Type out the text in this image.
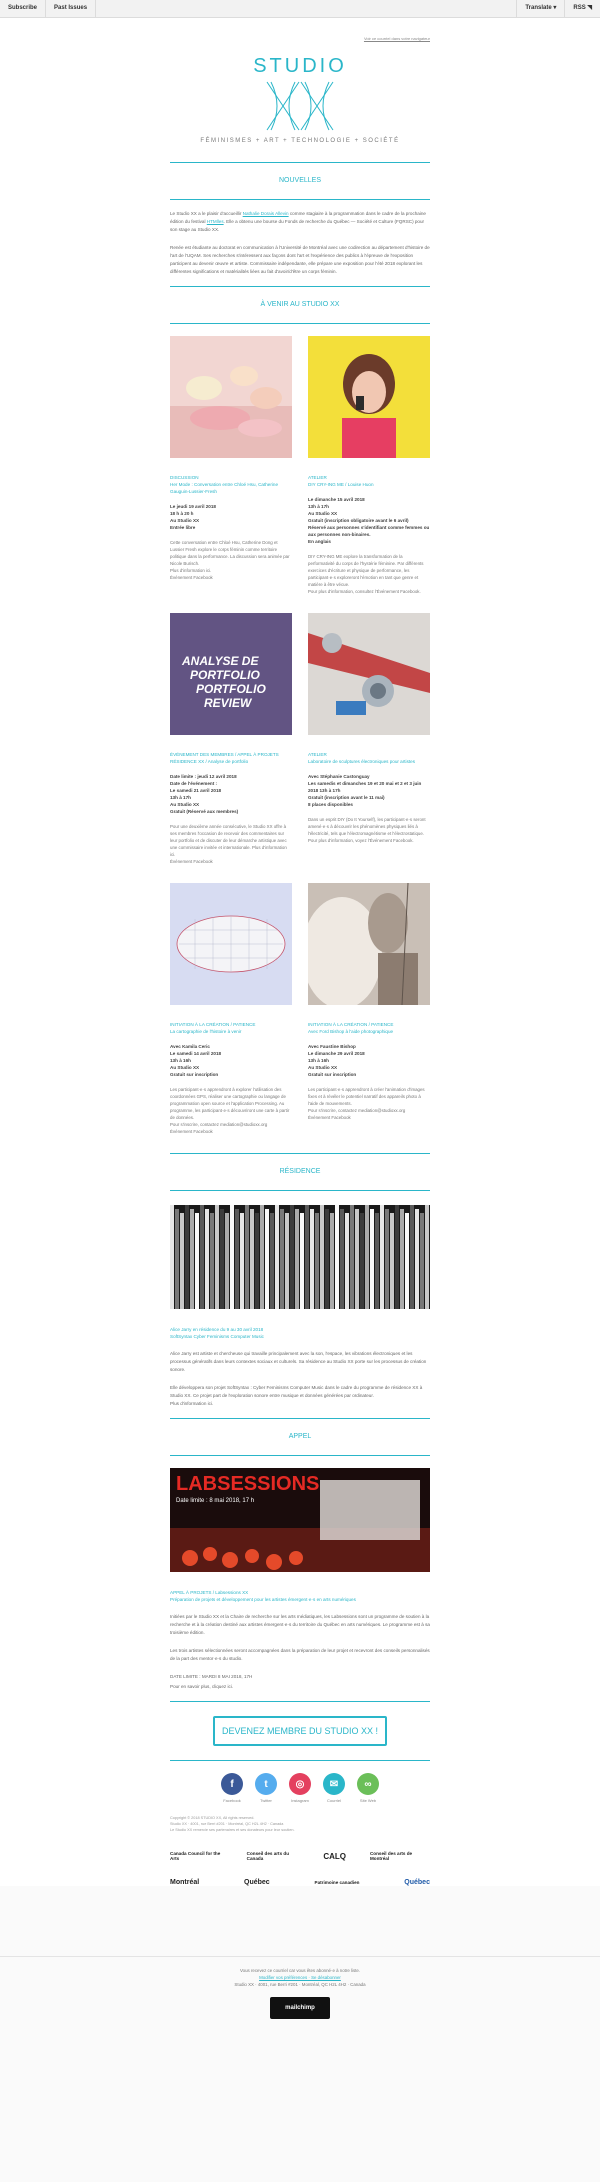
Subscribe	Past Issues	Translate ▾	RSS ◥
Voir ce courriel dans votre navigateur
STUDIO
FÉMINISMES + ART + TECHNOLOGIE + SOCIÉTÉ
NOUVELLES
Le Studio XX a le plaisir d'accueillir Nathalie Dorais Allevin comme stagiaire à la programmation dans le cadre de la prochaine édition du festival HTMlles. Elle a obtenu une bourse du Fonds de recherche du Québec — Société et Culture (FQRSC) pour son stage au Studio XX.
Renée est étudiante au doctorat en communication à l'Université de Montréal avec une codirection au département d'histoire de l'art de l'UQAM. Ses recherches s'intéressent aux façons dont l'art et l'expérience des publics à l'épreuve de l'exposition participent au devenir œuvre et artiste. Commissaire indépendante, elle prépare une exposition pour l'été 2018 explorant les différentes significations et matérialités liées au fait d'avoir/d'être un corps féminin.
À VENIR AU STUDIO XX
DISCUSSION
Her Mode : Conversation entre Chloé Hsu, Catherine Gauguin-Lussier-Fresh
Le jeudi 19 avril 2018
18 h à 20 h
Au Studio XX
Entrée libre
Cette conversation entre Chloé Hsu, Catherine Dong et Lussier Fresh explore le corps féminin comme territoire politique dans la performance. La discussion sera animée par Nicole Burisch.
Plus d'information ici.
Événement Facebook
ATELIER
DIY CRY-ING ME / Louise Huon
Le dimanche 15 avril 2018
13h à 17h
Au Studio XX
Gratuit (inscription obligatoire avant le 6 avril)
Réservé aux personnes s'identifiant comme femmes ou aux personnes non-binaires.
En anglais
DIY CRY-ING ME explore la transformation de la performativité du corps de l'hystérie féminine. Par différents exercices d'écriture et physique de performance, les participant·e·s exploreront l'émotion en tant que genre et matière à être vécue.
Pour plus d'information, consultez l'Événement Facebook.
ANALYSE DE
PORTFOLIO
PORTFOLIO
REVIEW
ÉVÉNEMENT DES MEMBRES / APPEL À PROJETS
RÉSIDENCE XX / Analyse de portfolio
Date limite : jeudi 12 avril 2018
Date de l'événement :
Le samedi 21 avril 2018
13h à 17h
Au Studio XX
Gratuit (Réservé aux membres)
Pour une deuxième année consécutive, le Studio XX offre à ses membres l'occasion de recevoir des commentaires sur leur portfolio et de discuter de leur démarche artistique avec une commissaire invitée et internationale. Plus d'information ici.
Événement Facebook
ATELIER
Laboratoire de sculptures électroniques pour artistes
Avec Stéphanie Castonguay
Les samedis et dimanches 19 et 20 mai et 2 et 3 juin 2018 13h à 17h
Gratuit (inscription avant le 11 mai)
8 places disponibles
Dans un esprit DIY (Do It Yourself), les participant·e·s seront amené·e·s à découvrir les phénomènes physiques liés à l'électricité, tels que l'électromagnétisme et l'électrostatique.
Pour plus d'information, voyez l'Événement Facebook.
INITIATION À LA CRÉATION / PATIENCE
La cartographie de l'histoire à venir
Avec Kamila Ceric
Le samedi 14 avril 2018
13h à 16h
Au Studio XX
Gratuit sur inscription
Les participant·e·s apprendront à explorer l'utilisation des coordonnées GPS, réaliser une cartographie ou langage de programmation open source et l'application Processing. Au programme, les participant·e·s découvriront une carte à partir de données.
Pour s'inscrire, contactez mediation@studioxx.org
Événement Facebook
INITIATION À LA CRÉATION / PATIENCE
Avec Ford Bishop à l'aide photographique
Avec Faustine Bishop
Le dimanche 29 avril 2018
13h à 16h
Au Studio XX
Gratuit sur inscription
Les participant·e·s apprendront à créer l'animation d'images fixes et à révéler le potentiel narratif des appareils photo à l'aide de mouvements.
Pour s'inscrire, contactez mediation@studioxx.org
Événement Facebook
RÉSIDENCE
Alice Jarry en résidence du 9 au 30 avril 2018
SoftSyntax Cyber Feminisms Computer Music
Alice Jarry est artiste et chercheuse qui travaille principalement avec la son, l'espace, les vibrations électroniques et les processus génératifs dans leurs contextes sociaux et culturels. Sa résidence au Studio XX porte sur les processus de création sonore.
Elle développera son projet SoftSyntax : Cyber Feminisms Computer Music dans le cadre du programme de résidence XX à Studio XX. Ce projet part de l'exploration sonore entre musique et données générées par ordinateur.
Plus d'information ici.
APPEL
LABSESSIONS
Date limite : 8 mai 2018, 17 h
APPEL À PROJETS / Labsessions XX
Préparation de projets et développement pour les artistes émergent·e·s en arts numériques
Initiées par le Studio XX et la Chaire de recherche sur les arts médiatiques, les Labsessions sont un programme de soutien à la recherche et à la création destiné aux artistes émergent·e·s du territoire du Québec en arts numériques. Le programme est à sa troisième édition.
Les trois artistes sélectionnées seront accompagnées dans la préparation de leur projet et recevront des conseils personnalisés de la part des mentor·e·s du studio.
DATE LIMITE : MARDI 8 MAI 2018, 17H
Pour en savoir plus, cliquez ici.
DEVENEZ MEMBRE DU STUDIO XX !
f
Facebook
t
Twitter
◎
Instagram
✉
Courriel
∞
Site Web
Copyright © 2018 STUDIO XX, All rights reserved.
Studio XX · 4001, rue Berri #201 · Montréal, QC H2L 4H2 · Canada
Le Studio XX remercie ses partenaires et ses donateurs pour leur soutien.
Canada Council for the Arts
Conseil des arts du Canada	CALQ	Conseil des arts de Montréal
Montréal	Québec	Patrimoine canadien	Québec
Vous recevez ce courriel car vous êtes abonné·e à notre liste.
Modifier vos préférences · Se désabonner
Studio XX · 4001, rue Berri #201 · Montréal, QC H2L 4H2 · Canada
mailchimp
